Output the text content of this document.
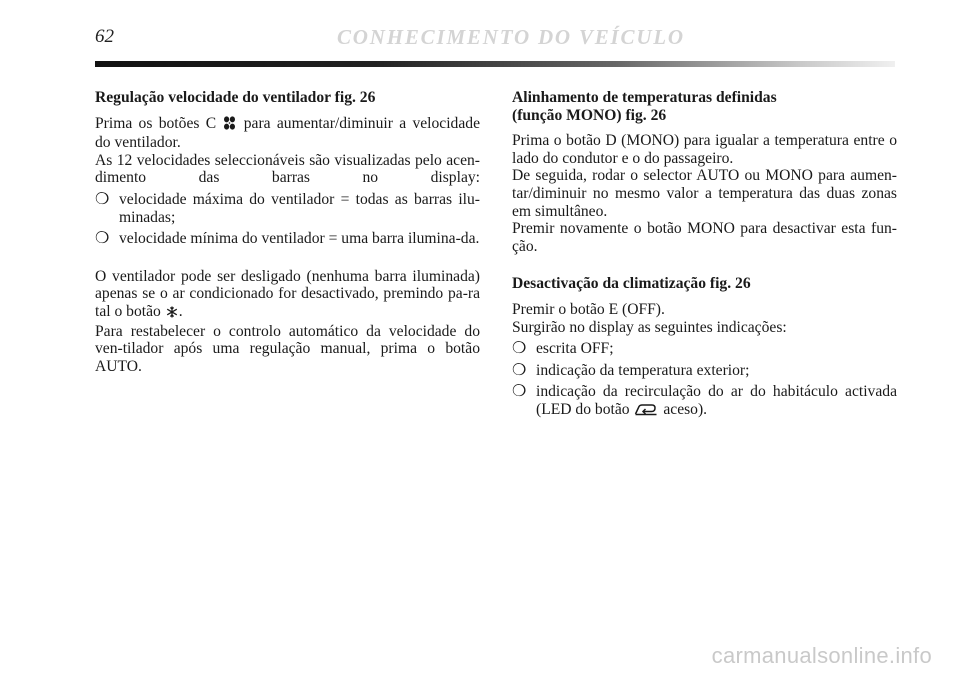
62	CONHECIMENTO DO VEÍCULO
Regulação velocidade do ventilador fig. 26

Prima os botões C  para aumentar/diminuir a velocidade do ventilador.

As 12 velocidades seleccionáveis são visualizadas pelo acen-dimento das barras no display:

❍ velocidade máxima do ventilador = todas as barras ilu-minadas;
❍ velocidade mínima do ventilador = uma barra ilumina-da.

O ventilador pode ser desligado (nenhuma barra iluminada) apenas se o ar condicionado for desactivado, premindo pa-ra tal o botão .

Para restabelecer o controlo automático da velocidade do ven-tilador após uma regulação manual, prima o botão AUTO.

Alinhamento de temperaturas definidas
(função MONO) fig. 26

Prima o botão D (MONO) para igualar a temperatura entre o lado do condutor e o do passageiro.

De seguida, rodar o selector AUTO ou MONO para aumen-tar/diminuir no mesmo valor a temperatura das duas zonas em simultâneo.

Premir novamente o botão MONO para desactivar esta fun-ção.

Desactivação da climatização fig. 26

Premir o botão E (OFF).

Surgirão no display as seguintes indicações:

❍ escrita OFF;
❍ indicação da temperatura exterior;
❍ indicação da recirculação do ar do habitáculo activada (LED do botão  aceso).
carmanualsonline.info
